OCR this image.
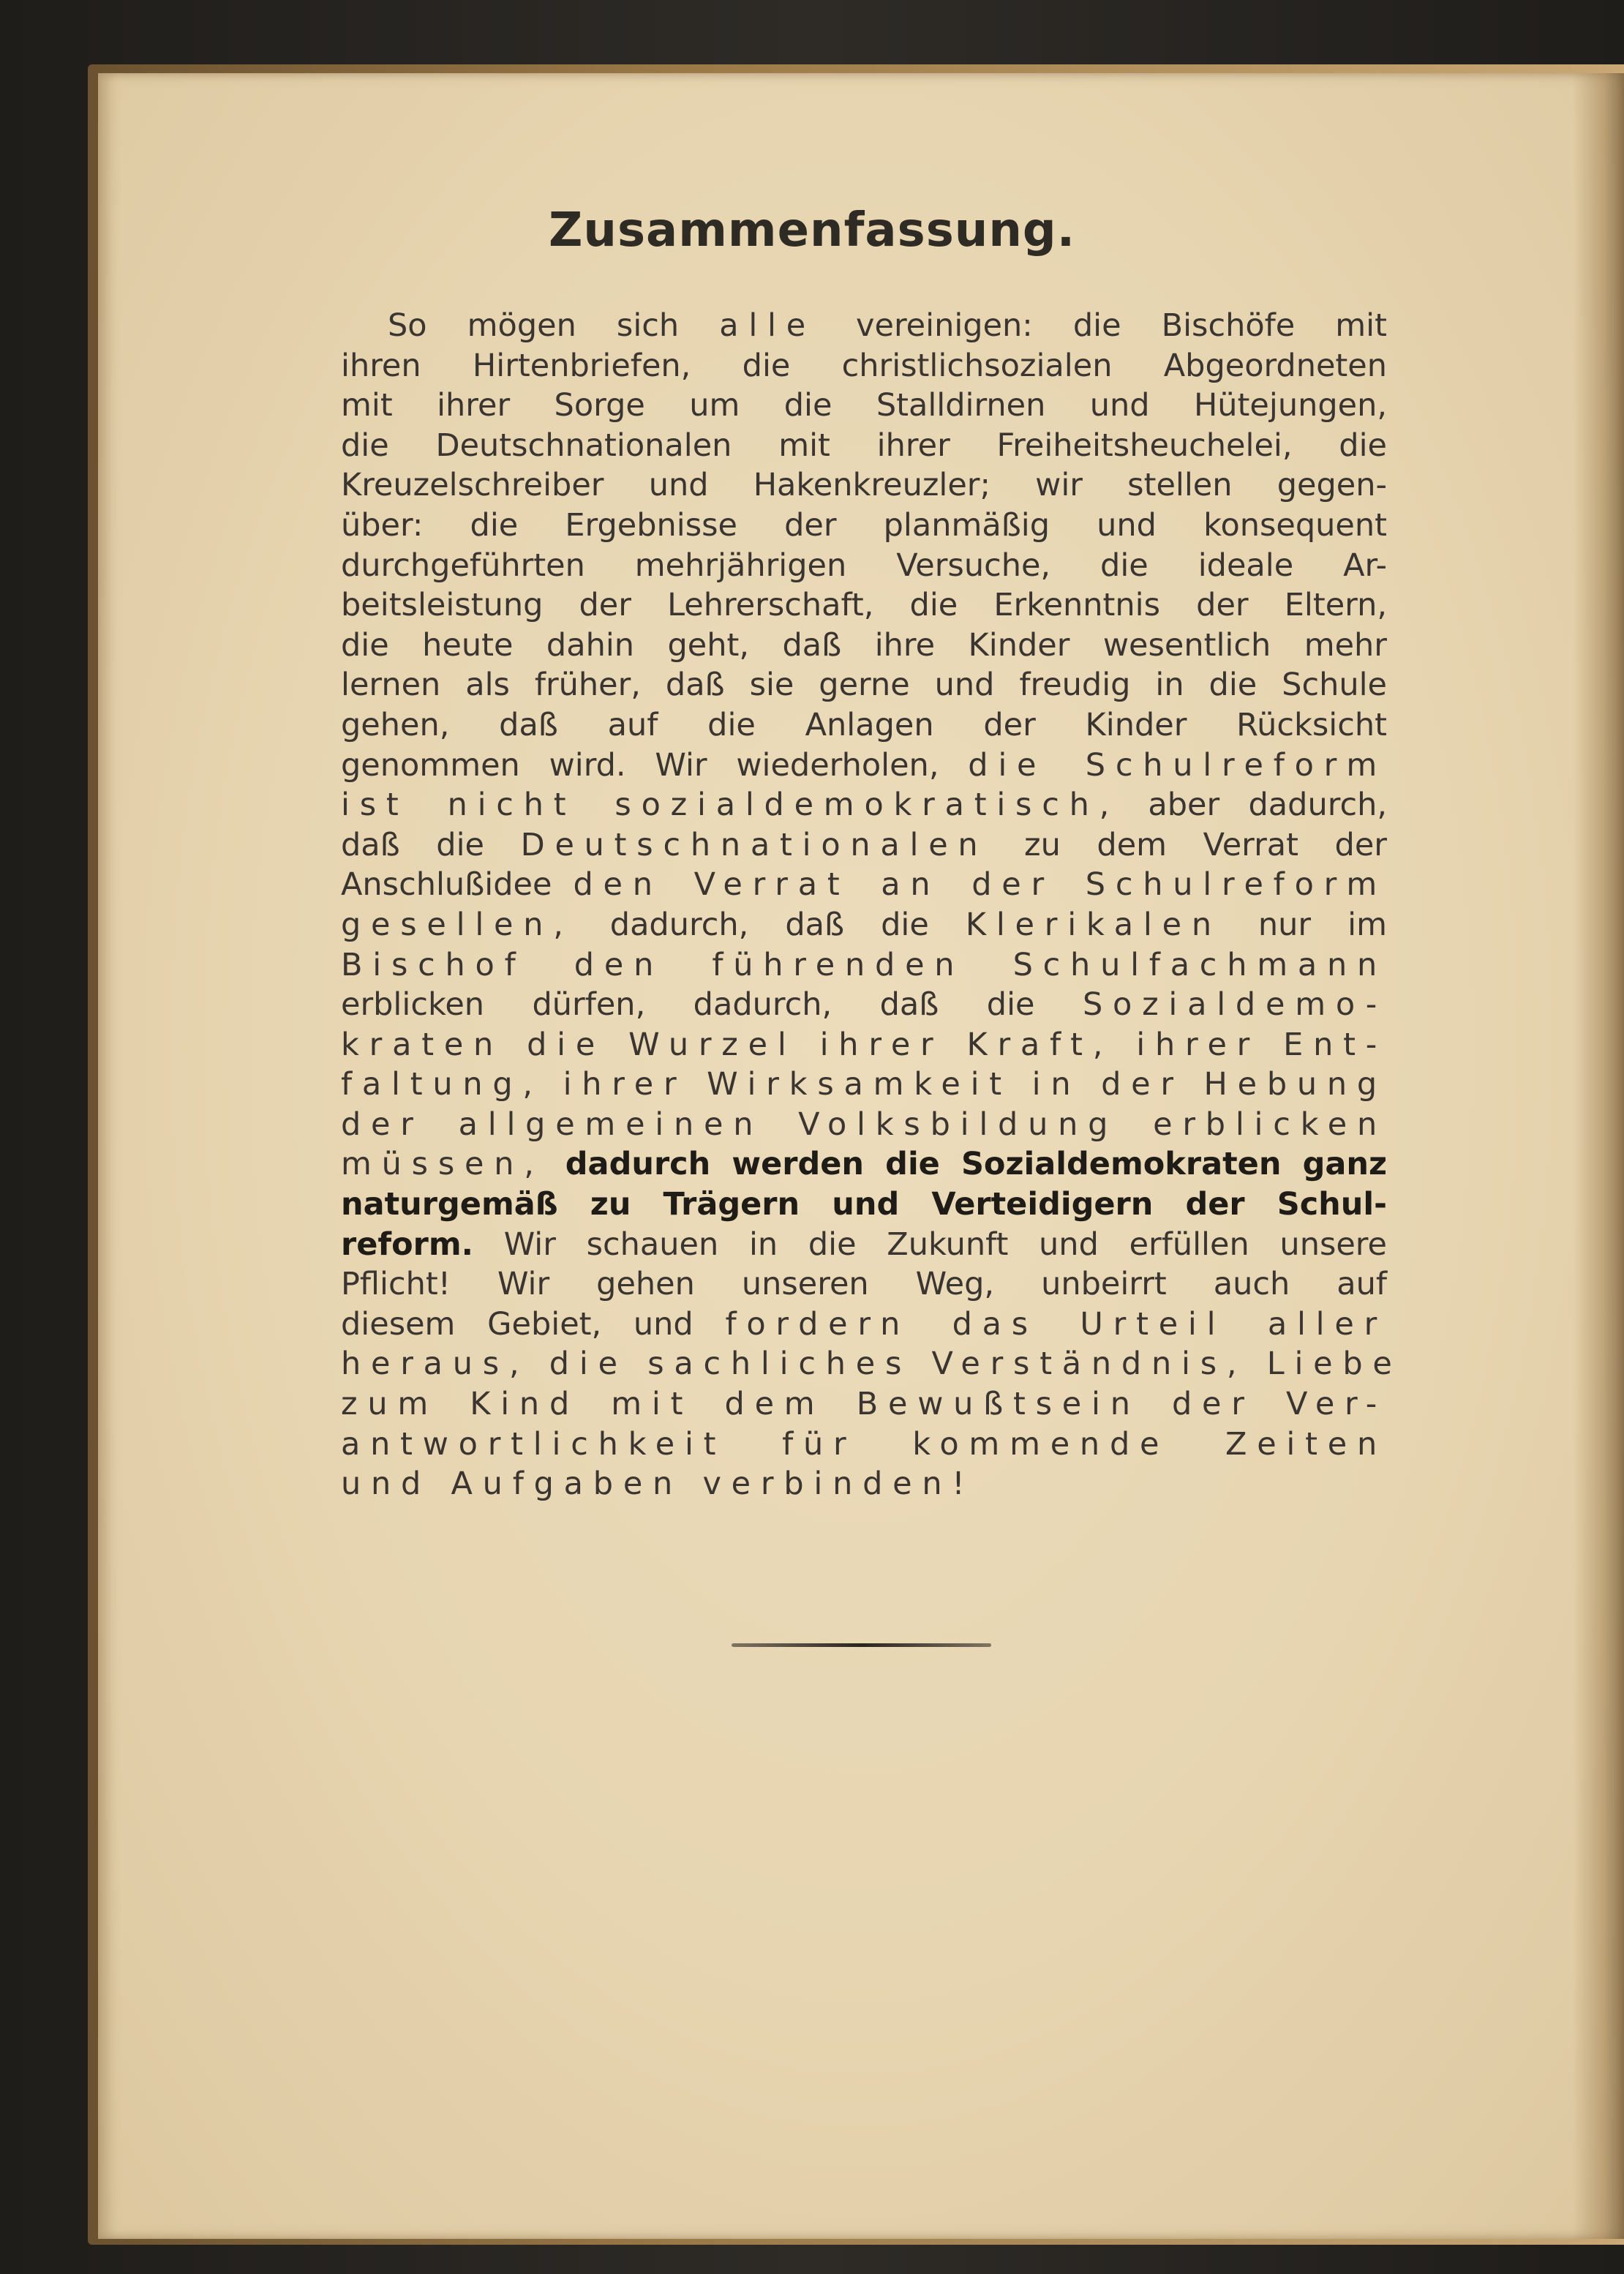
Zusammenfassung.
So mögen sich alle vereinigen: die Bischöfe mit
ihren Hirtenbriefen, die christlichsozialen Abgeordneten
mit ihrer Sorge um die Stalldirnen und Hütejungen,
die Deutschnationalen mit ihrer Freiheitsheuchelei, die
Kreuzelschreiber und Hakenkreuzler; wir stellen gegen-
über: die Ergebnisse der planmäßig und konsequent
durchgeführten mehrjährigen Versuche, die ideale Ar-
beitsleistung der Lehrerschaft, die Erkenntnis der Eltern,
die heute dahin geht, daß ihre Kinder wesentlich mehr
lernen als früher, daß sie gerne und freudig in die Schule
gehen, daß auf die Anlagen der Kinder Rücksicht
genommen wird. Wir wiederholen, die Schulreform
ist nicht sozialdemokratisch, aber dadurch,
daß die Deutschnationalen zu dem Verrat der
Anschlußidee den Verrat an der Schulreform
gesellen, dadurch, daß die Klerikalen nur im
Bischof den führenden Schulfachmann
erblicken dürfen, dadurch, daß die Sozialdemo-
kraten die Wurzel ihrer Kraft, ihrer Ent-
faltung, ihrer Wirksamkeit in der Hebung
der allgemeinen Volksbildung erblicken
müssen, dadurch werden die Sozialdemokraten ganz
naturgemäß zu Trägern und Verteidigern der Schul-
reform. Wir schauen in die Zukunft und erfüllen unsere
Pflicht! Wir gehen unseren Weg, unbeirrt auch auf
diesem Gebiet, und fordern das Urteil aller
heraus, die sachliches Verständnis, Liebe
zum Kind mit dem Bewußtsein der Ver-
antwortlichkeit für kommende Zeiten
und Aufgaben verbinden!
